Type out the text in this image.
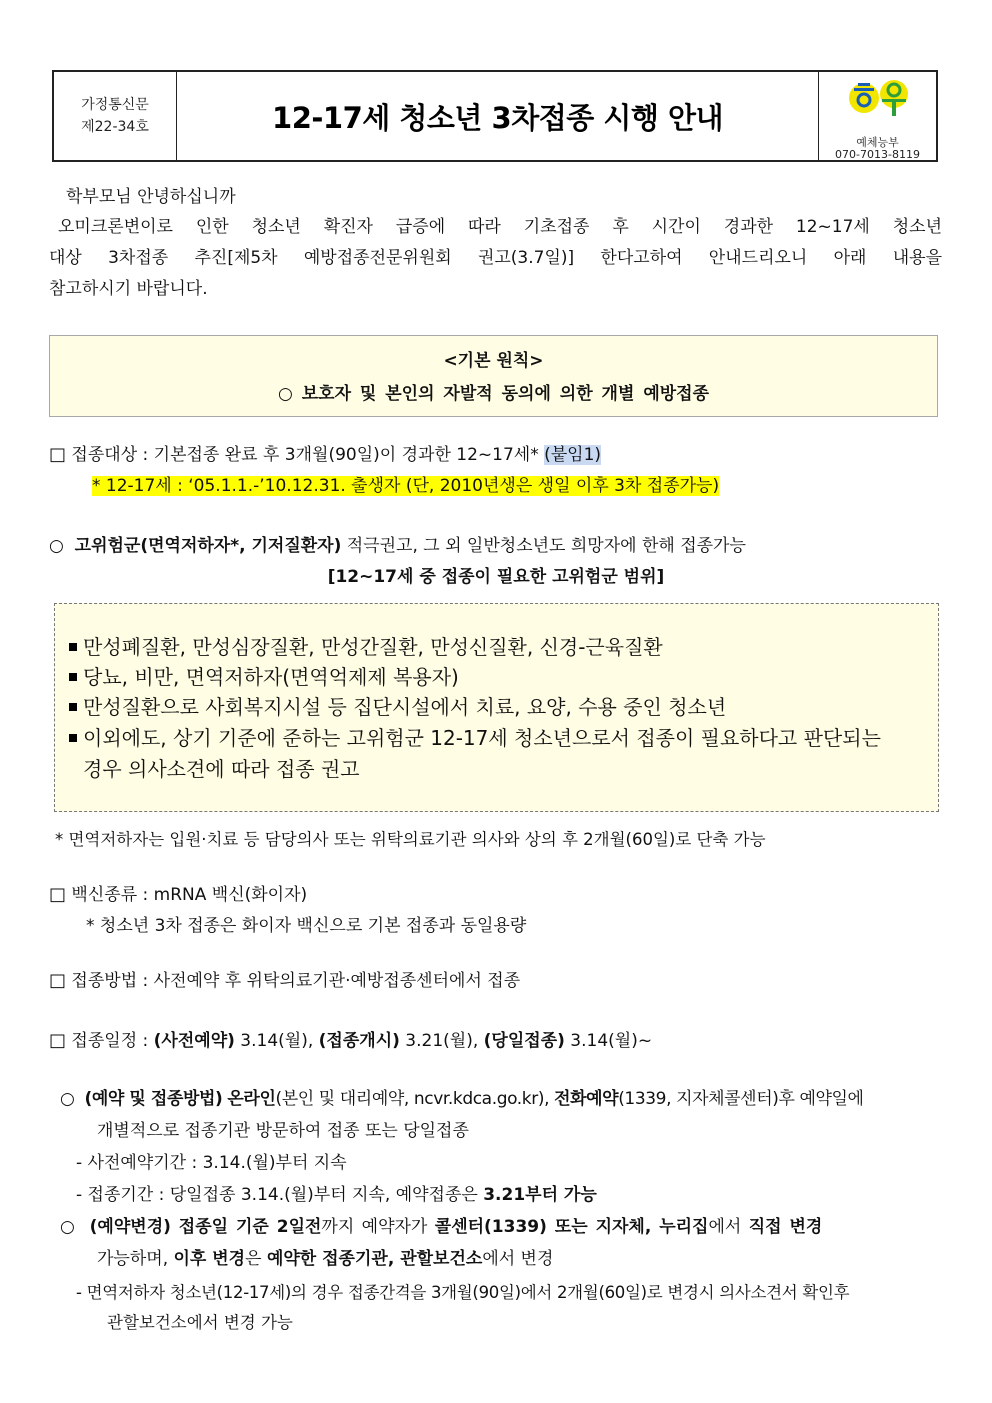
가정통신문
제22-34호	12-17세 청소년 3차접종 시행 안내
예체능부
070-7013-8119
학부모님 안녕하십니까
오미크론변이로 인한 청소년 확진자 급증에 따라 기초접종 후 시간이 경과한 12~17세 청소년
대상 3차접종 추진[제5차 예방접종전문위원회 권고(3.7일)] 한다고하여 안내드리오니 아래 내용을
참고하시기 바랍니다.
<기본 원칙>
○ 보호자 및 본인의 자발적 동의에 의한 개별 예방접종
□ 접종대상 : 기본접종 완료 후 3개월(90일)이 경과한 12~17세* (붙임1)
* 12-17세 : ‘05.1.1.-’10.12.31. 출생자 (단, 2010년생은 생일 이후 3차 접종가능)
○ 고위험군(면역저하자*, 기저질환자) 적극권고, 그 외 일반청소년도 희망자에 한해 접종가능
[12~17세 중 접종이 필요한 고위험군 범위]
만성폐질환, 만성심장질환, 만성간질환, 만성신질환, 신경-근육질환
당뇨, 비만, 면역저하자(면역억제제 복용자)
만성질환으로 사회복지시설 등 집단시설에서 치료, 요양, 수용 중인 청소년
이외에도, 상기 기준에 준하는 고위험군 12-17세 청소년으로서 접종이 필요하다고 판단되는
경우 의사소견에 따라 접종 권고
* 면역저하자는 입원·치료 등 담당의사 또는 위탁의료기관 의사와 상의 후 2개월(60일)로 단축 가능
□ 백신종류 : mRNA 백신(화이자)
* 청소년 3차 접종은 화이자 백신으로 기본 접종과 동일용량
□ 접종방법 : 사전예약 후 위탁의료기관·예방접종센터에서 접종
□ 접종일정 : (사전예약) 3.14(월), (접종개시) 3.21(월), (당일접종) 3.14(월)~
○ (예약 및 접종방법) 온라인(본인 및 대리예약, ncvr.kdca.go.kr), 전화예약(1339, 지자체콜센터)후 예약일에
개별적으로 접종기관 방문하여 접종 또는 당일접종
- 사전예약기간 : 3.14.(월)부터 지속
- 접종기간 : 당일접종 3.14.(월)부터 지속, 예약접종은 3.21부터 가능
○ (예약변경) 접종일 기준 2일전까지 예약자가 콜센터(1339) 또는 지자체, 누리집에서 직접 변경
가능하며, 이후 변경은 예약한 접종기관, 관할보건소에서 변경
- 면역저하자 청소년(12-17세)의 경우 접종간격을 3개월(90일)에서 2개월(60일)로 변경시 의사소견서 확인후
관할보건소에서 변경 가능
